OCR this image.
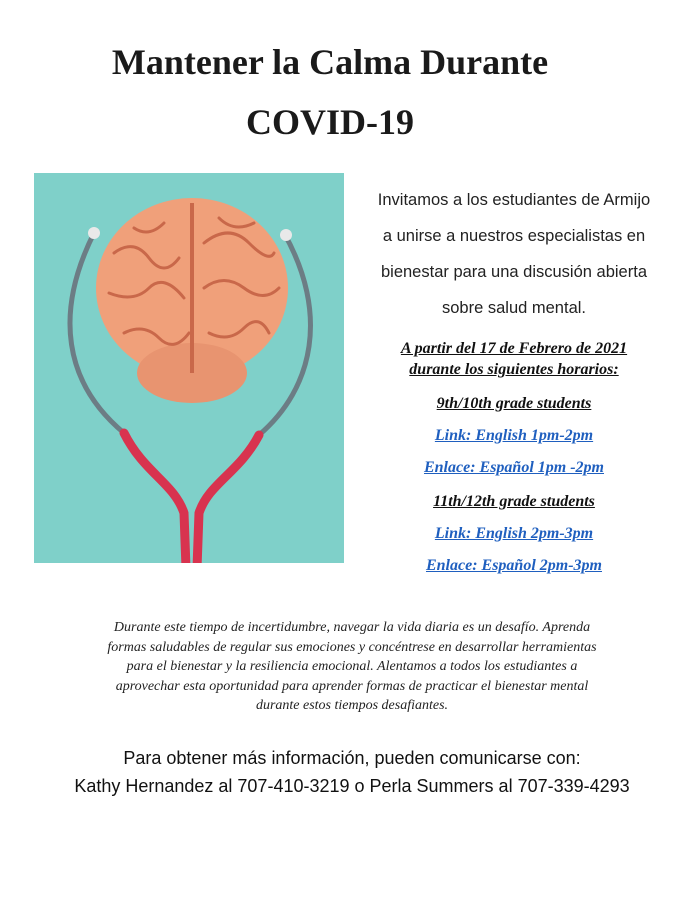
Mantener la Calma Durante
COVID-19
Invitamos a los estudiantes de Armijo
a unirse a nuestros especialistas en
bienestar para una discusión abierta
sobre salud mental.
A partir del 17 de Febrero de 2021
durante los siguientes horarios:
9th/10th grade students
Link: English 1pm-2pm
Enlace: Español 1pm -2pm
11th/12th grade students
Link: English 2pm-3pm
Enlace: Español 2pm-3pm
Durante este tiempo de incertidumbre, navegar la vida diaria es un desafío. Aprenda
formas saludables de regular sus emociones y concéntrese en desarrollar herramientas
para el bienestar y la resiliencia emocional. Alentamos a todos los estudiantes a
aprovechar esta oportunidad para aprender formas de practicar el bienestar mental
durante estos tiempos desafiantes.
Para obtener más información, pueden comunicarse con:
Kathy Hernandez al 707-410-3219 o Perla Summers al 707-339-4293
